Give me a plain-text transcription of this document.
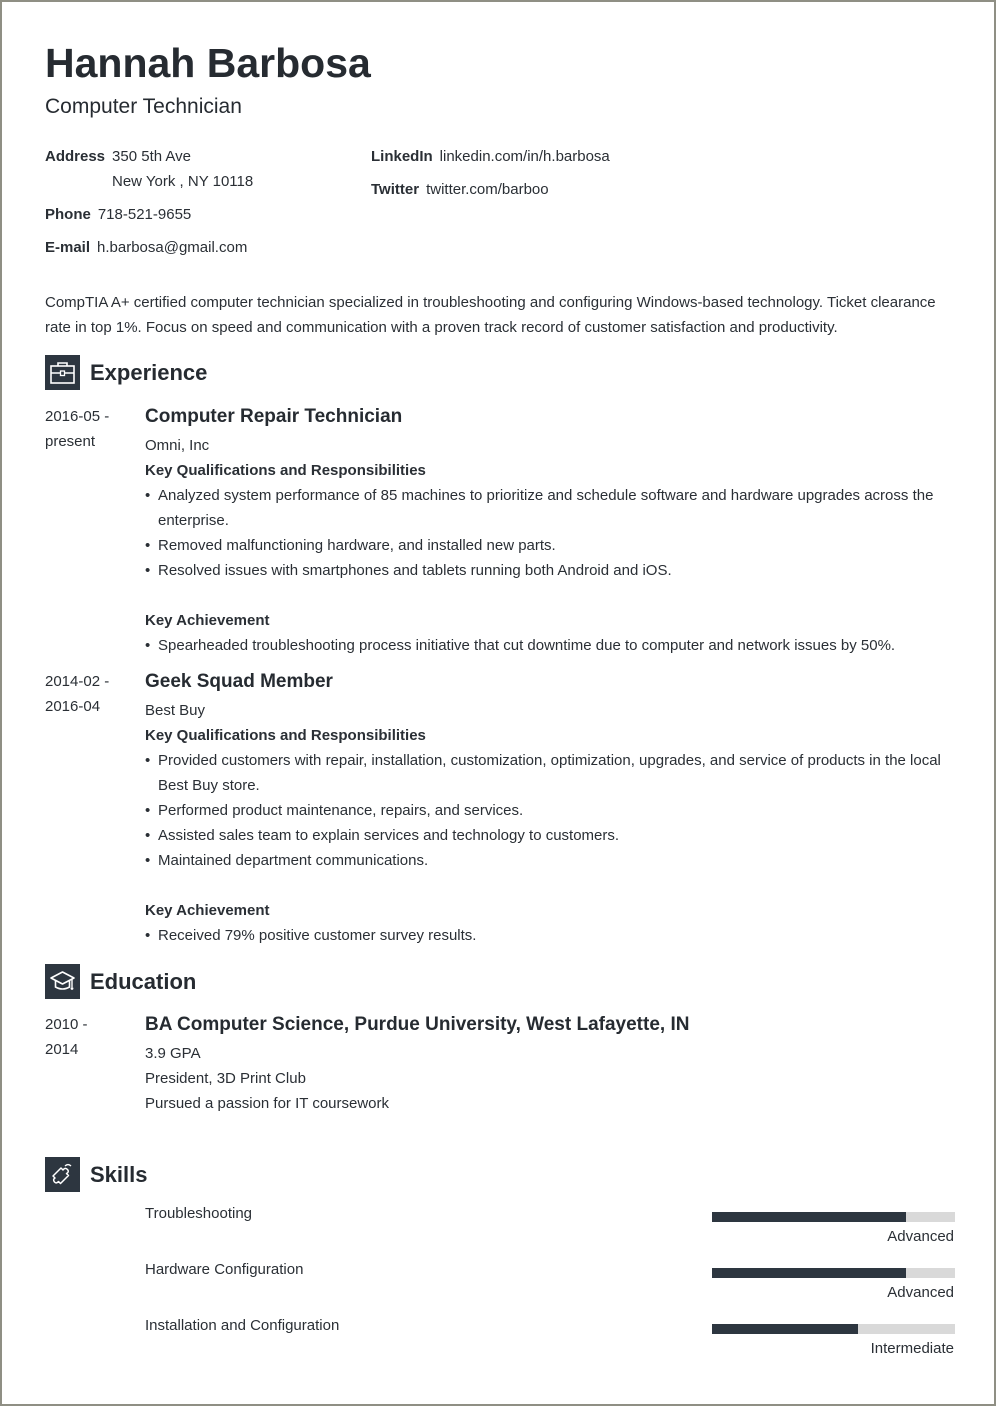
Hannah Barbosa
Computer Technician
Address 350 5th Ave
New York , NY 10118
Phone 718-521-9655
E-mail h.barbosa@gmail.com
LinkedIn linkedin.com/in/h.barbosa
Twitter twitter.com/barboo
CompTIA A+ certified computer technician specialized in troubleshooting and configuring Windows-based technology. Ticket clearance rate in top 1%. Focus on speed and communication with a proven track record of customer satisfaction and productivity.
Experience
2016-05 -
present
Computer Repair Technician
Omni, Inc
Key Qualifications and Responsibilities
• Analyzed system performance of 85 machines to prioritize and schedule software and hardware upgrades across the enterprise.
• Removed malfunctioning hardware, and installed new parts.
• Resolved issues with smartphones and tablets running both Android and iOS.
Key Achievement
• Spearheaded troubleshooting process initiative that cut downtime due to computer and network issues by 50%.
2014-02 -
2016-04
Geek Squad Member
Best Buy
Key Qualifications and Responsibilities
• Provided customers with repair, installation, customization, optimization, upgrades, and service of products in the local Best Buy store.
• Performed product maintenance, repairs, and services.
• Assisted sales team to explain services and technology to customers.
• Maintained department communications.
Key Achievement
• Received 79% positive customer survey results.
Education
2010 -
2014
BA Computer Science, Purdue University, West Lafayette, IN
3.9 GPA
President, 3D Print Club
Pursued a passion for IT coursework
Skills
Troubleshooting
Advanced
Hardware Configuration
Advanced
Installation and Configuration
Intermediate
